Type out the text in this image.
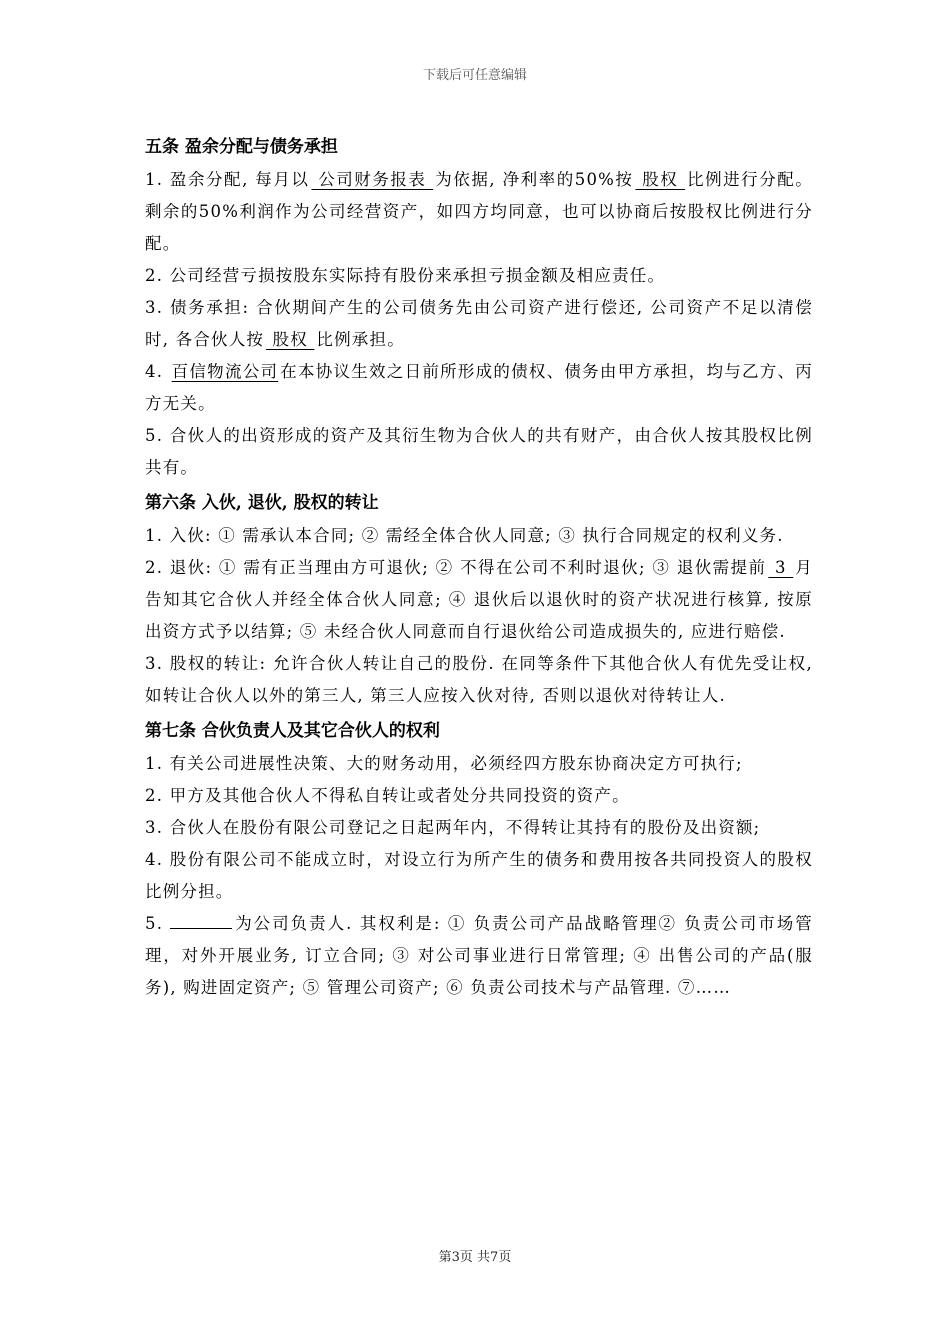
下载后可任意编辑
五条 盈余分配与债务承担

1. 盈余分配, 每月以 公司财务报表 为依据, 净利率的50%按 股权 比例进行分配。剩余的50%利润作为公司经营资产，如四方均同意，也可以协商后按股权比例进行分配。

2. 公司经营亏损按股东实际持有股份来承担亏损金额及相应责任。

3. 债务承担: 合伙期间产生的公司债务先由公司资产进行偿还, 公司资产不足以清偿时, 各合伙人按 股权 比例承担。

4. 百信物流公司 在本协议生效之日前所形成的债权、债务由甲方承担，均与乙方、丙方无关。

5. 合伙人的出资形成的资产及其衍生物为合伙人的共有财产，由合伙人按其股权比例共有。

第六条 入伙, 退伙, 股权的转让

1. 入伙: ① 需承认本合同; ② 需经全体合伙人同意; ③ 执行合同规定的权利义务.

2. 退伙: ① 需有正当理由方可退伙; ② 不得在公司不利时退伙; ③ 退伙需提前 3 月告知其它合伙人并经全体合伙人同意; ④ 退伙后以退伙时的资产状况进行核算, 按原出资方式予以结算; ⑤ 未经合伙人同意而自行退伙给公司造成损失的, 应进行赔偿.

3. 股权的转让: 允许合伙人转让自己的股份. 在同等条件下其他合伙人有优先受让权, 如转让合伙人以外的第三人, 第三人应按入伙对待, 否则以退伙对待转让人.

第七条 合伙负责人及其它合伙人的权利

1. 有关公司进展性决策、大的财务动用，必须经四方股东协商决定方可执行;

2. 甲方及其他合伙人不得私自转让或者处分共同投资的资产。

3. 合伙人在股份有限公司登记之日起两年内，不得转让其持有的股份及出资额;

4. 股份有限公司不能成立时，对设立行为所产生的债务和费用按各共同投资人的股权比例分担。

5.	为公司负责人. 其权利是: ① 负责公司产品战略管理② 负责公司市场管理，对外开展业务, 订立合同; ③ 对公司事业进行日常管理; ④ 出售公司的产品(服务), 购进固定资产; ⑤ 管理公司资产; ⑥ 负责公司技术与产品管理. ⑦……

第3页 共7页
